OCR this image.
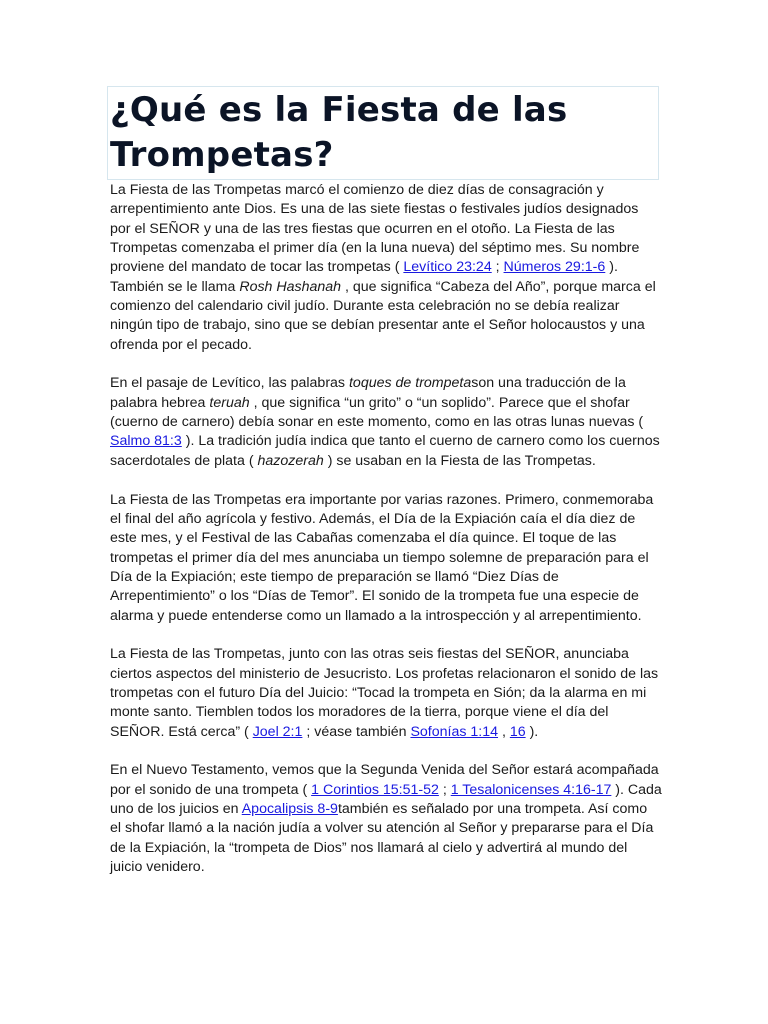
¿Qué es la Fiesta de las Trompetas?

La Fiesta de las Trompetas marcó el comienzo de diez días de consagración y arrepentimiento ante Dios. Es una de las siete fiestas o festivales judíos designados por el SEÑOR y una de las tres fiestas que ocurren en el otoño. La Fiesta de las Trompetas comenzaba el primer día (en la luna nueva) del séptimo mes. Su nombre proviene del mandato de tocar las trompetas ( Levítico 23:24 ; Números 29:1-6 ). También se le llama Rosh Hashanah , que significa “Cabeza del Año”, porque marca el comienzo del calendario civil judío. Durante esta celebración no se debía realizar ningún tipo de trabajo, sino que se debían presentar ante el Señor holocaustos y una ofrenda por el pecado.

En el pasaje de Levítico, las palabras toques de trompetason una traducción de la palabra hebrea teruah , que significa “un grito” o “un soplido”. Parece que el shofar (cuerno de carnero) debía sonar en este momento, como en las otras lunas nuevas ( Salmo 81:3 ). La tradición judía indica que tanto el cuerno de carnero como los cuernos sacerdotales de plata ( hazozerah ) se usaban en la Fiesta de las Trompetas.

La Fiesta de las Trompetas era importante por varias razones. Primero, conmemoraba el final del año agrícola y festivo. Además, el Día de la Expiación caía el día diez de este mes, y el Festival de las Cabañas comenzaba el día quince. El toque de las trompetas el primer día del mes anunciaba un tiempo solemne de preparación para el Día de la Expiación; este tiempo de preparación se llamó “Diez Días de Arrepentimiento” o los “Días de Temor”. El sonido de la trompeta fue una especie de alarma y puede entenderse como un llamado a la introspección y al arrepentimiento.

La Fiesta de las Trompetas, junto con las otras seis fiestas del SEÑOR, anunciaba ciertos aspectos del ministerio de Jesucristo. Los profetas relacionaron el sonido de las trompetas con el futuro Día del Juicio: “Tocad la trompeta en Sión; da la alarma en mi monte santo. Tiemblen todos los moradores de la tierra, porque viene el día del SEÑOR. Está cerca” ( Joel 2:1 ; véase también Sofonías 1:14 , 16 ).

En el Nuevo Testamento, vemos que la Segunda Venida del Señor estará acompañada por el sonido de una trompeta ( 1 Corintios 15:51-52 ; 1 Tesalonicenses 4:16-17 ). Cada uno de los juicios en Apocalipsis 8-9también es señalado por una trompeta. Así como el shofar llamó a la nación judía a volver su atención al Señor y prepararse para el Día de la Expiación, la “trompeta de Dios” nos llamará al cielo y advertirá al mundo del juicio venidero.
